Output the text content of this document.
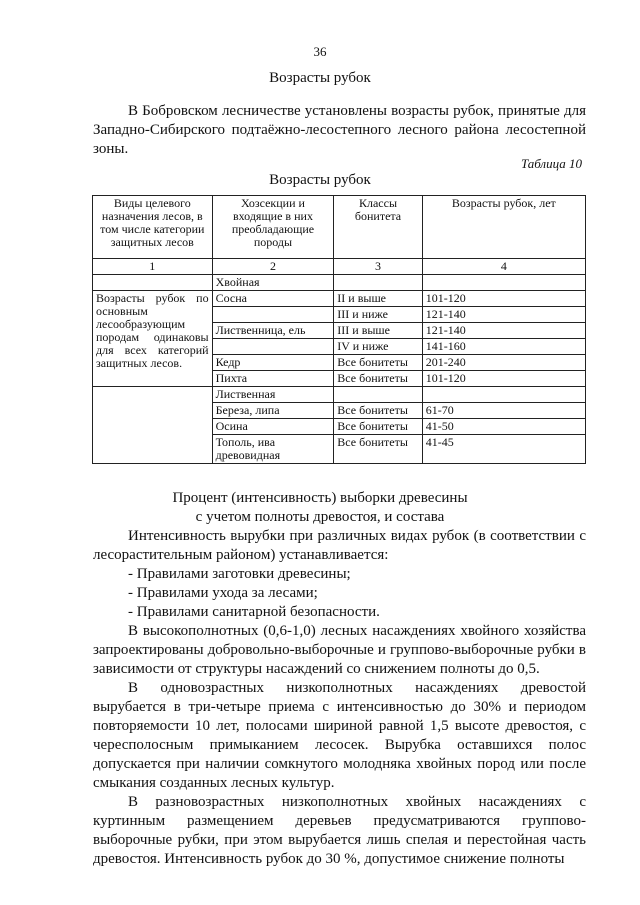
36
Возрасты рубок

В Бобровском лесничестве установлены возрасты рубок, принятые для Западно-Сибирского подтаёжно-лесостепного лесного района лесостепной зоны.

Таблица 10
Возрасты рубок
Виды целевого назначения лесов, в том числе категории защитных лесов	Хозсекции и входящие в них преобладающие породы	Классы бонитета	Возрасты рубок, лет
1	2	3	4
	Хвойная		
Возрасты рубок по основным лесообразующим породам одинаковы для всех категорий защитных лесов.	Сосна	II и выше	101-120
		III и ниже	121-140
	Лиственница, ель	III и выше	121-140
		IV и ниже	141-160
	Кедр	Все бонитеты	201-240
	Пихта	Все бонитеты	101-120
	Лиственная		
	Береза, липа	Все бонитеты	61-70
	Осина	Все бонитеты	41-50
	Тополь, ива древовидная	Все бонитеты	41-45
Процент (интенсивность) выборки древесины
с учетом полноты древостоя, и состава

Интенсивность вырубки при различных видах рубок (в соответствии с лесорастительным районом) устанавливается:

- Правилами заготовки древесины;

- Правилами ухода за лесами;

- Правилами санитарной безопасности.

В высокополнотных (0,6-1,0) лесных насаждениях хвойного хозяйства запроектированы добровольно-выборочные и группово-выборочные рубки в зависимости от структуры насаждений со снижением полноты до 0,5.

В одновозрастных низкополнотных насаждениях древостой вырубается в три-четыре приема с интенсивностью до 30% и периодом повторяемости 10 лет, полосами шириной равной 1,5 высоте древостоя, с чересполосным примыканием лесосек. Вырубка оставшихся полос допускается при наличии сомкнутого молодняка хвойных пород или после смыкания созданных лесных культур.

В разновозрастных низкополнотных хвойных насаждениях с куртинным размещением деревьев предусматриваются группово-выборочные рубки, при этом вырубается лишь спелая и перестойная часть древостоя. Интенсивность рубок до 30 %, допустимое снижение полноты
